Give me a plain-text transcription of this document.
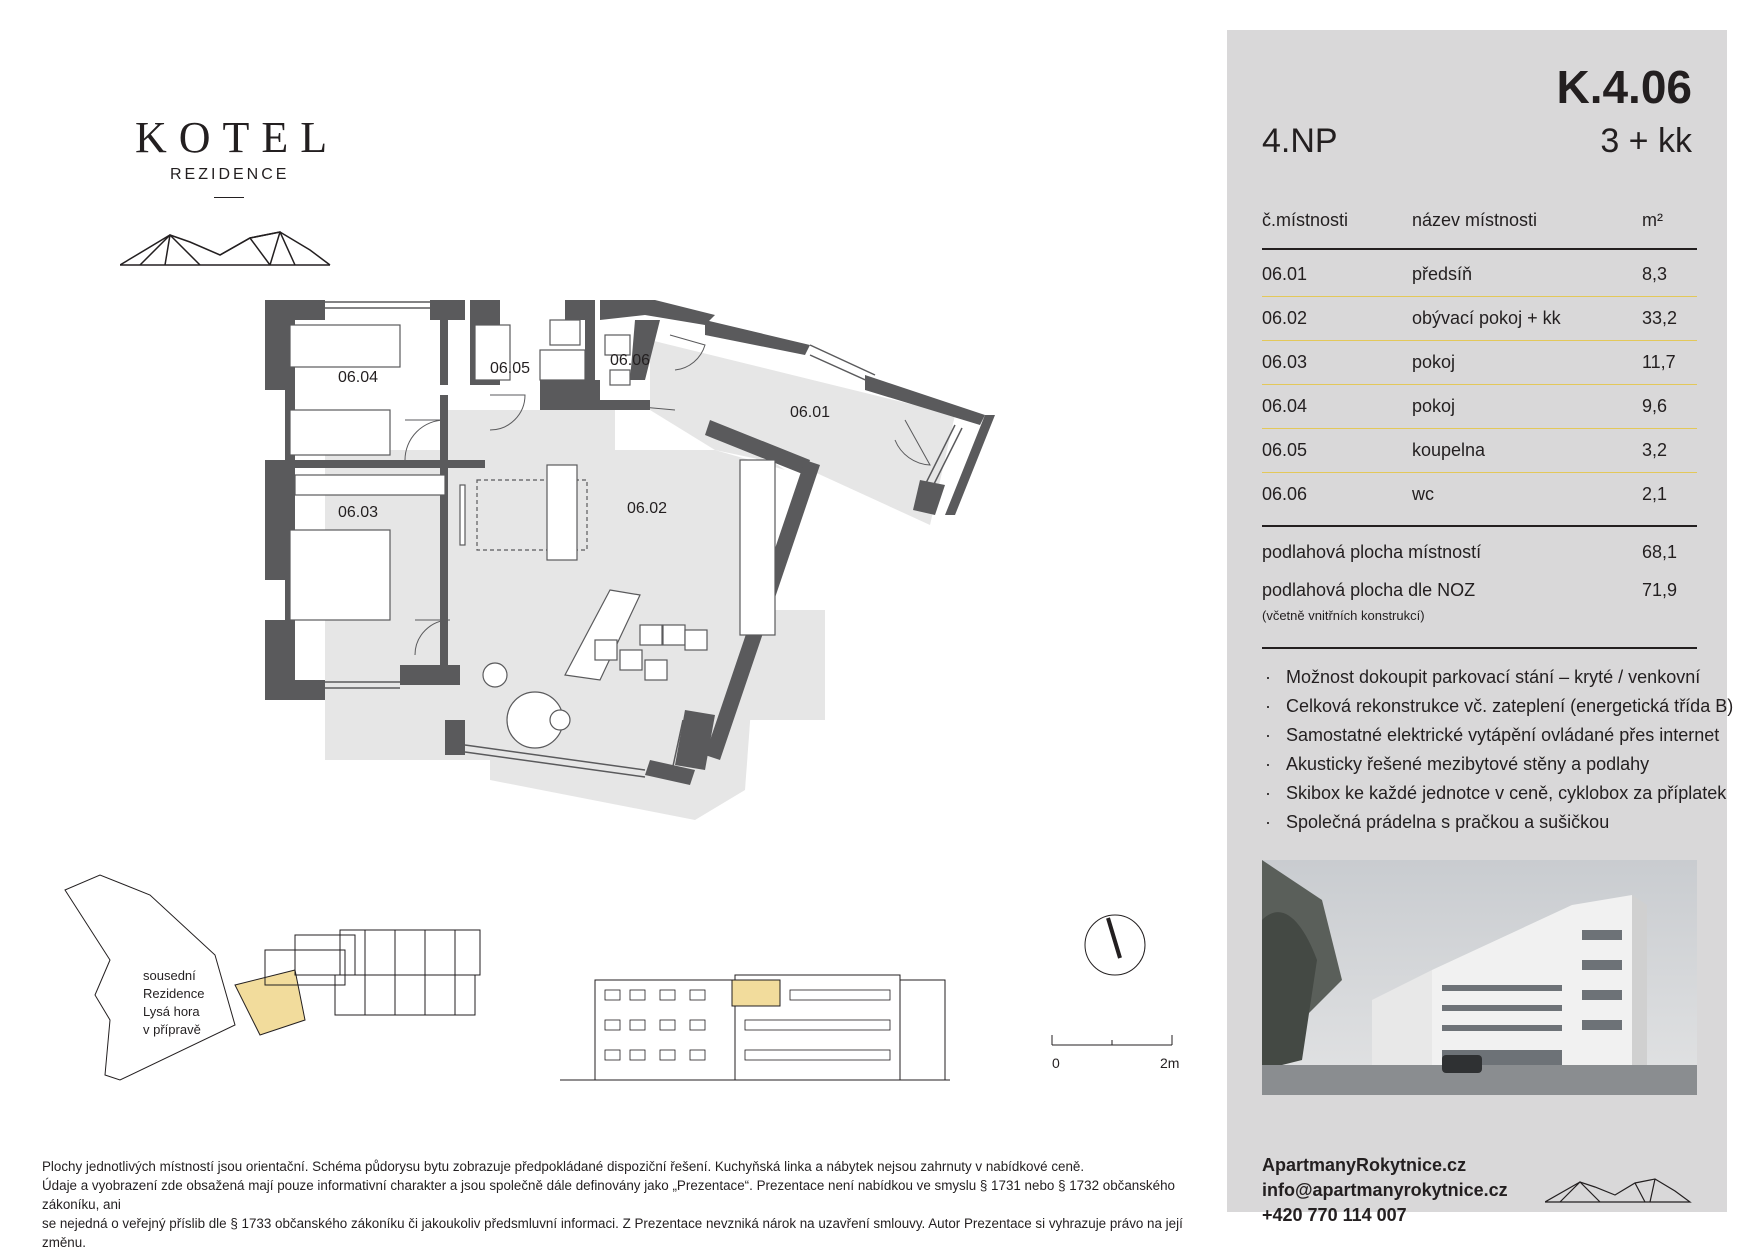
KOTEL
REZIDENCE
06.04
06.05	06.06
06.01
06.02
06.03
sousední
Rezidence
Lysá hora
v přípravě
0	2m
K.4.06
4.NP	3 + kk
č.místnosti	název místnosti	m²
06.01	předsíň	8,3
06.02	obývací pokoj + kk	33,2
06.03	pokoj	11,7
06.04	pokoj	9,6
06.05	koupelna	3,2
06.06	wc	2,1
podlahová plocha místností	68,1
podlahová plocha dle NOZ	71,9
(včetně vnitřních konstrukcí)
· Možnost dokoupit parkovací stání – kryté / venkovní
· Celková rekonstrukce vč. zateplení (energetická třída B)
· Samostatné elektrické vytápění ovládané přes internet
· Akusticky řešené mezibytové stěny a podlahy
· Skibox ke každé jednotce v ceně, cyklobox za příplatek
· Společná prádelna s pračkou a sušičkou
ApartmanyRokytnice.cz
info@apartmanyrokytnice.cz
+420 770 114 007
Plochy jednotlivých místností jsou orientační. Schéma půdorysu bytu zobrazuje předpokládané dispoziční řešení. Kuchyňská linka a nábytek nejsou zahrnuty v nabídkové ceně.
Údaje a vyobrazení zde obsažená mají pouze informativní charakter a jsou společně dále definovány jako „Prezentace“. Prezentace není nabídkou ve smyslu § 1731 nebo § 1732 občanského zákoníku, ani
se nejedná o veřejný příslib dle § 1733 občanského zákoníku či jakoukoliv předsmluvní informaci. Z Prezentace nevzniká nárok na uzavření smlouvy. Autor Prezentace si vyhrazuje právo na její změnu.
